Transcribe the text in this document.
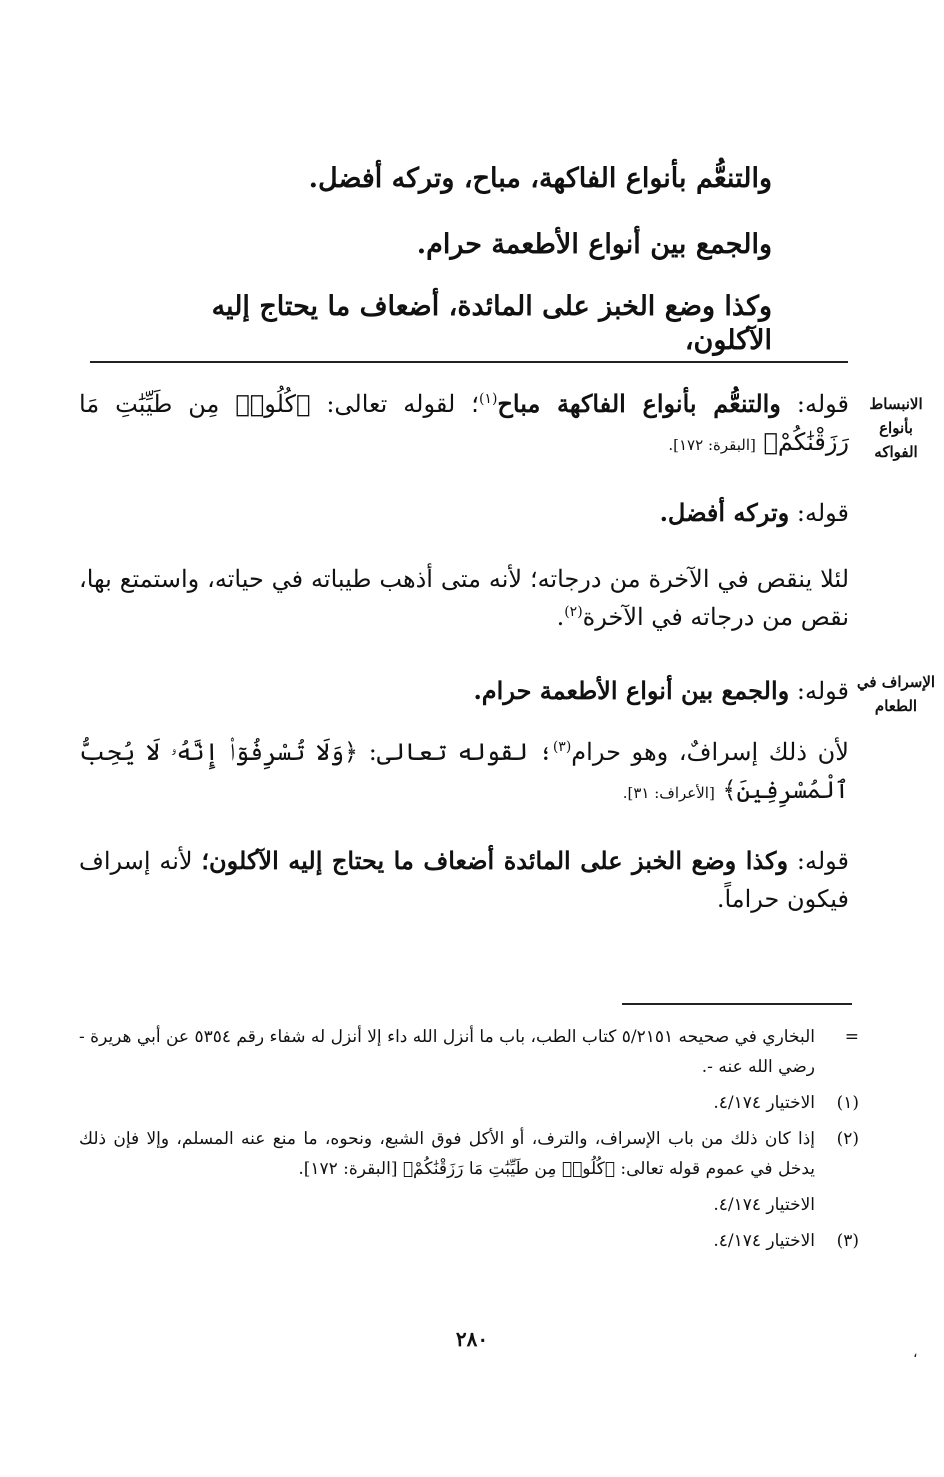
والتنعُّم بأنواع الفاكهة، مباح، وتركه أفضل.
والجمع بين أنواع الأطعمة حرام.
وكذا وضع الخبز على المائدة، أضعاف ما يحتاج إليه الآكلون،
الانبساط بأنواع الفواكه
الإسراف في الطعام
قوله: والتنعُّم بأنواع الفاكهة مباح$^{(١)}$؛ لقوله تعالى: ﴿كُلُوا۟ مِن طَيِّبَٰتِ مَا رَزَقْنَٰكُمْ﴾ [البقرة: ١٧٢].
قوله: وتركه أفضل.
لئلا ينقص في الآخرة من درجاته؛ لأنه متى أذهب طيباته في حياته، واستمتع بها، نقص من درجاته في الآخرة$^{(٢)}$.
قوله: والجمع بين أنواع الأطعمة حرام.
لأن ذلك إسرافٌ، وهو حرام$^{(٣)}$؛ لقوله تعالى: ﴿وَلَا تُسْرِفُوٓا۟ إِنَّهُۥ لَا يُحِبُّ ٱلْمُسْرِفِينَ﴾ [الأعراف: ٣١].
قوله: وكذا وضع الخبز على المائدة أضعاف ما يحتاج إليه الآكلون؛ لأنه إسراف فيكون حراماً.
=
البخاري في صحيحه ٥/٢١٥١ كتاب الطب، باب ما أنزل الله داء إلا أنزل له شفاء رقم ٥٣٥٤ عن أبي هريرة - رضي الله عنه -.
(١)
الاختيار ٤/١٧٤.
(٢)
إذا كان ذلك من باب الإسراف، والترف، أو الأكل فوق الشبع، ونحوه، ما منع عنه المسلم، وإلا فإن ذلك يدخل في عموم قوله تعالى: ﴿كُلُوا۟ مِن طَيِّبَٰتِ مَا رَزَقْنَٰكُمْ﴾ [البقرة: ١٧٢].
الاختيار ٤/١٧٤.
(٣)
الاختيار ٤/١٧٤.
٢٨٠
،
